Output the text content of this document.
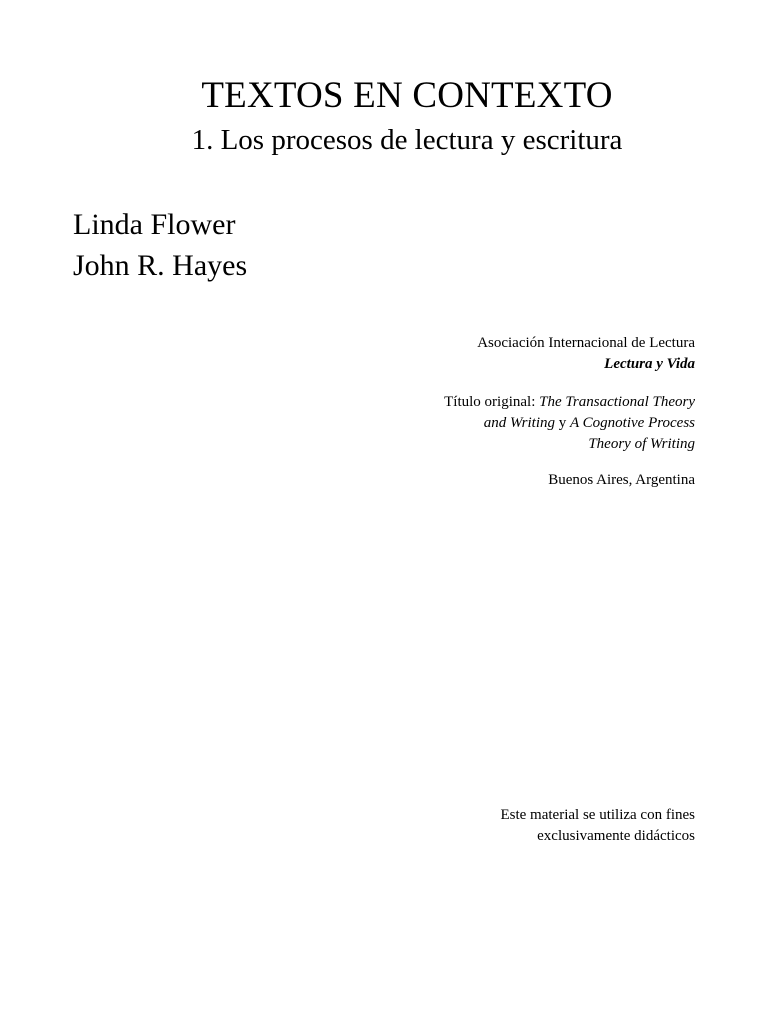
TEXTOS EN CONTEXTO
1. Los procesos de lectura y escritura
Linda Flower
John R. Hayes
Asociación Internacional de Lectura
Lectura y Vida
Título original: The Transactional Theory
and Writing y A Cognotive Process
Theory of Writing
Buenos Aires, Argentina
Este material se utiliza con fines
exclusivamente didácticos
